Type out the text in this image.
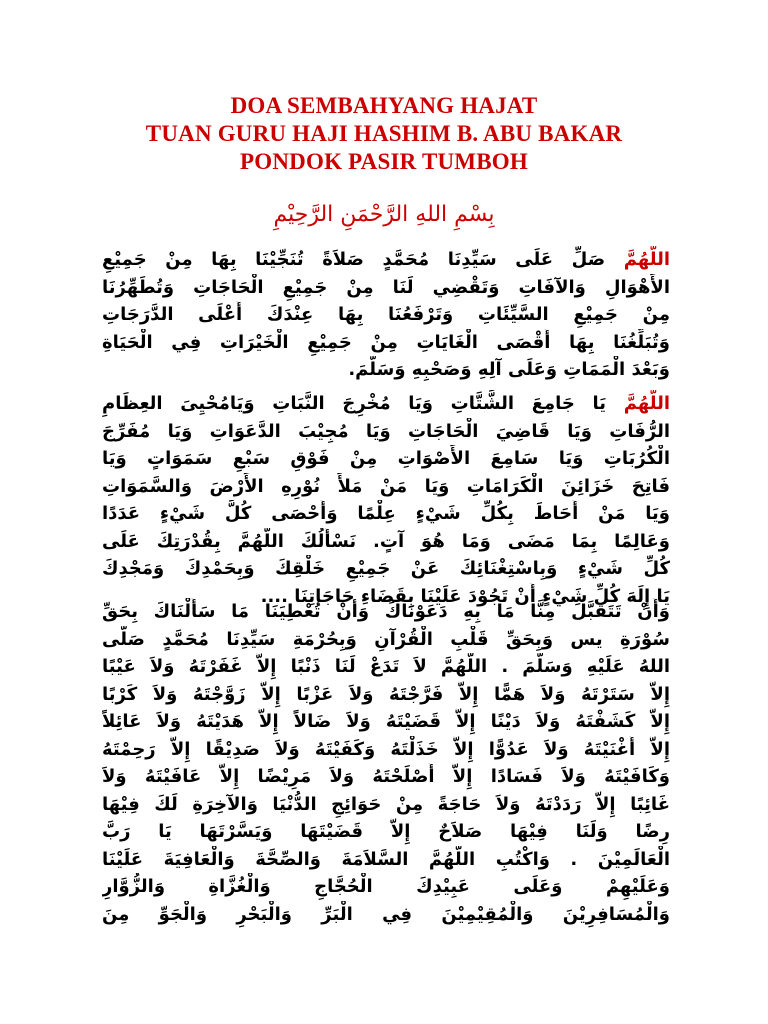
DOA SEMBAHYANG HAJAT
TUAN GURU HAJI HASHIM B. ABU BAKAR
PONDOK PASIR TUMBOH
بِسْمِ اللهِ الرَّحْمَنِ الرَّحِيْمِ
اللَّهُمَّ صَلِّ عَلَى سَيِّدِنَا مُحَمَّدٍ صَلاَةً تُنَجِّيْنَا بِهَا مِنْ جَمِيْعِ
الأَهْوَالِ وَالآفَاتِ وَتَقْضِي لَنَا مِنْ جَمِيْعِ الْحَاجَاتِ وَتُطَهِّرُنَا
مِنْ جَمِيْعِ السَّيِّئَاتِ وَتَرْفَعُنَا بِهَا عِنْدَكَ أَعْلَى الدَّرَجَاتِ
وَتُبَلِّغُنَا بِهَا أَقْصَى الْغَايَاتِ مِنْ جَمِيْعِ الْخَيْرَاتِ فِي الْحَيَاةِ
وَبَعْدَ الْمَمَاتِ وَعَلَى آلِهِ وَصَحْبِهِ وَسَلَّمَ.
اللَّهُمَّ يَا جَامِعَ الشَّتَّاتِ وَيَا مُخْرِجَ النَّبَاتِ وَيَامُحْيِىَ العِظَامِ
الرُّفَاتِ وَيَا قَاضِيَ الْحَاجَاتِ وَيَا مُجِيْبَ الدَّعَوَاتِ وَيَا مُفَرِّجَ
الْكُرُبَاتِ وَيَا سَامِعَ الأَصْوَاتِ مِنْ فَوْقِ سَبْعِ سَمَوَاتٍ وَيَا
فَاتِحَ خَزَائِنَ الْكَرَامَاتِ وَيَا مَنْ مَلأَ نُوْرِهِ الأَرْضَ وَالسَّمَوَاتِ
وَيَا مَنْ أَحَاطَ بِكُلِّ شَيْءٍ عِلْمًا وَأَحْصَى كُلَّ شَيْءٍ عَدَدًا
وَعَالِمًا بِمَا مَضَى وَمَا هُوَ آتٍ. نَسْأَلُكَ اللَّهُمَّ بِقُدْرَتِكَ عَلَى
كُلِّ شَيْءٍ وَبِاسْتِغْنَائِكَ عَنْ جَمِيْعِ خَلْقِكَ وَبِحَمْدِكَ وَمَجْدِكَ
يَا إِلَهَ كُلِّ شَيْءٍ أَنْ تَجُوْدَ عَلَيْنَا بِقَضَاءِ حَاجَاتِنَا ....
وَأَنْ تَتَقَبَّلَ مِنَّا مَا بِهِ دَعَوْنَاكَ وَأَنْ تُعْطِيَنَا مَا سَأَلْنَاكَ بِحَقِّ
سُوْرَةِ يس وَبِحَقِّ قَلْبِ الْقُرْآنِ وَبِحُرْمَةِ سَيِّدِنَا مُحَمَّدٍ صَلَّى
اللهُ عَلَيْهِ وَسَلَّمَ . اللَّهُمَّ لاَ تَدَعْ لَنَا ذَنْبًا إِلاَّ غَفَرْتَهُ وَلاَ عَيْبًا
إِلاَّ سَتَرْتَهُ وَلاَ هَمًّا إِلاَّ فَرَّجْتَهُ وَلاَ عَزْبًا إِلاَّ زَوَّجْتَهُ وَلاَ كَرْبًا
إِلاَّ كَشَفْتَهُ وَلاَ دَيْنًا إِلاَّ قَضَيْتَهُ وَلاَ ضَالاً إِلاَّ هَدَيْتَهُ وَلاَ عَائِلاً
إِلاَّ أَغْنَيْتَهُ وَلاَ عَدُوًّا إِلاَّ خَذَلْتَهُ وَكَفَيْتَهُ وَلاَ صَدِيْقًا إِلاَّ رَحِمْتَهُ
وَكَافَيْتَهُ وَلاَ فَسَادًا إِلاَّ أَصْلَحْتَهُ وَلاَ مَرِيْضًا إِلاَّ عَافَيْتَهُ وَلاَ
غَائِبًا إِلاَّ رَدَدْتَهُ وَلاَ حَاجَةً مِنْ حَوَائِجِ الدُّنْيَا وَالآخِرَةِ لَكَ فِيْهَا
رِضًا وَلَنَا فِيْهَا صَلاَحٌ إِلاَّ قَضَيْتَهَا وَيَسَّرْتَهَا يَا رَبَّ
الْعَالَمِيْنَ . وَاكْتُبِ اللَّهُمَّ السَّلاَمَةَ وَالصِّحَّةَ وَالْعَافِيَةَ عَلَيْنَا
وَعَلَيْهِمْ وَعَلَى عَبِيْدِكَ الْحُجَّاجِ وَالْغُزَّاةِ وَالزُّوَّارِ
وَالْمُسَافِرِيْنَ وَالْمُقِيْمِيْنَ فِي الْبَرِّ وَالْبَحْرِ وَالْجَوِّ مِنَ
